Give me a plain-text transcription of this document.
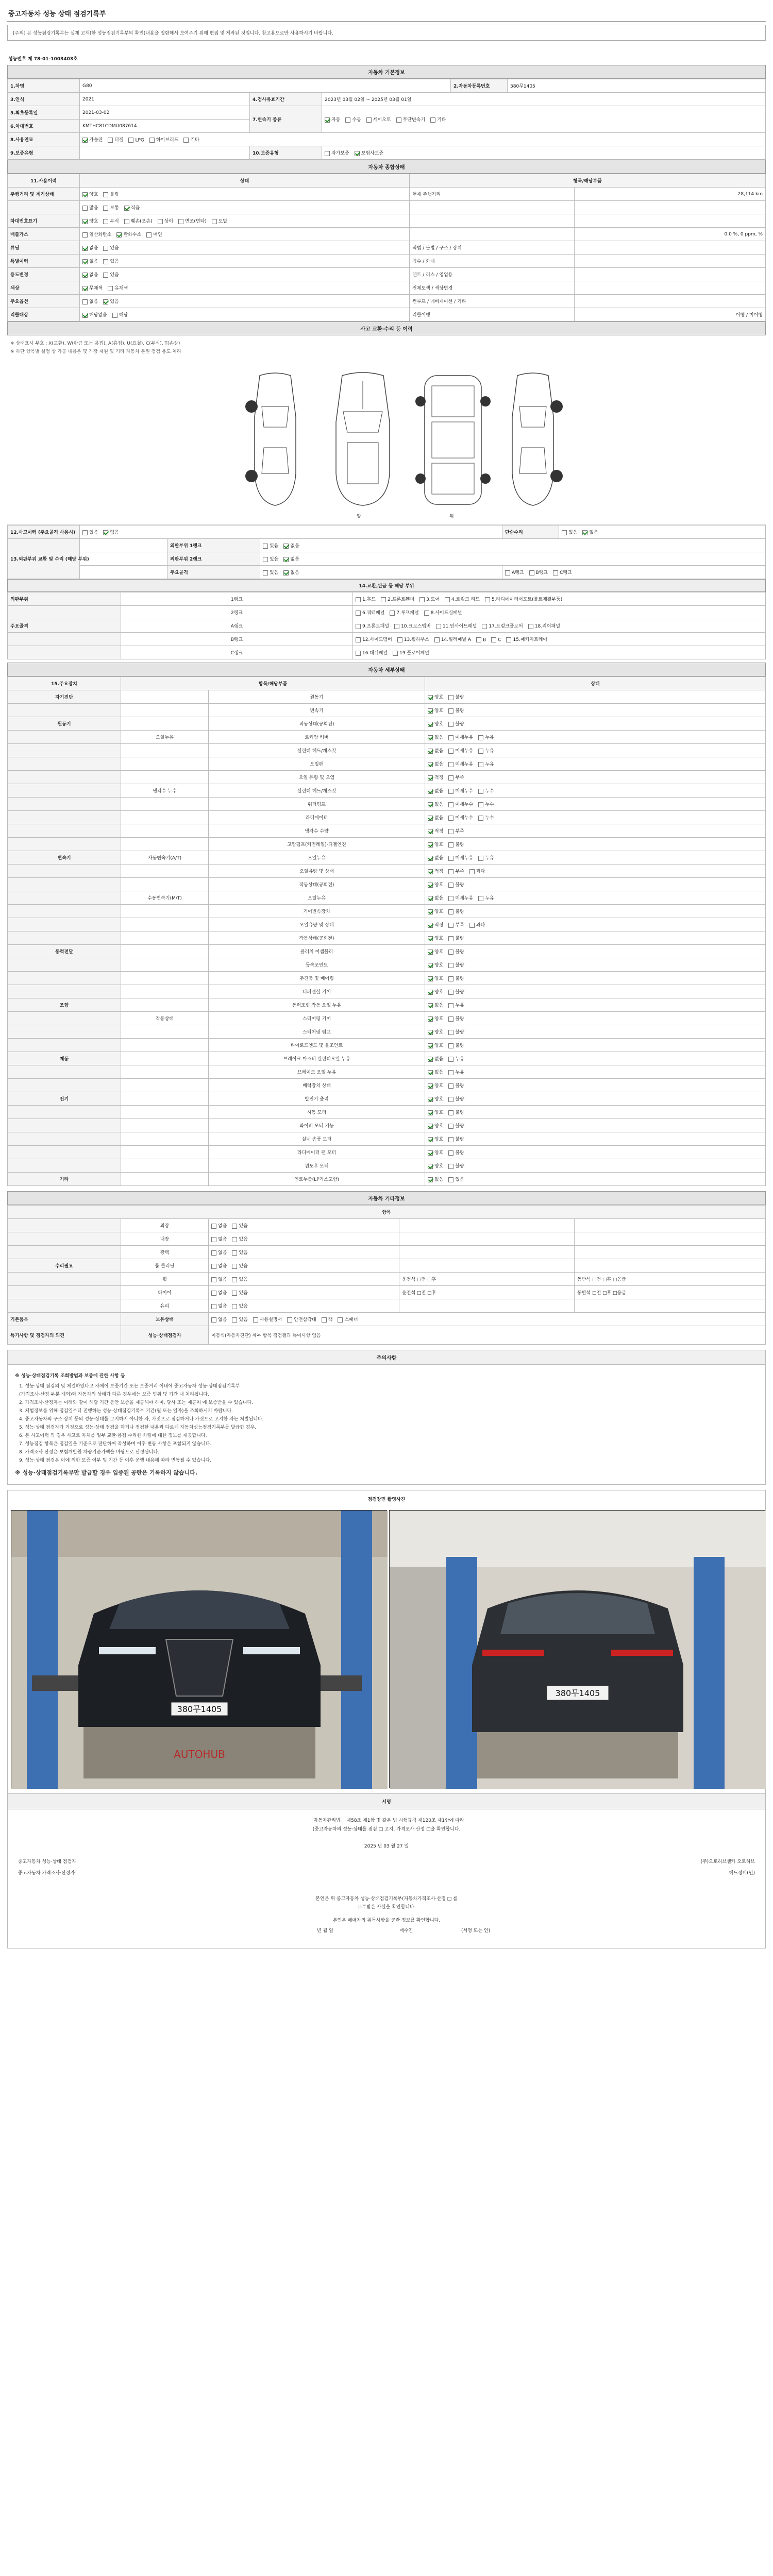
중고자동차 성능 상태 점검기록부
[주의] 본 성능점검기록부는 실제 고객(한 성능점검기록부의 확인)내용을 열람해서 보여주기 위해 편집 및 제작된 것입니다. 참고용으로만 사용하시기 바랍니다.
성능번호 제 78-01-1003403호
자동차 기본정보
1.차명	G80			2.자동차등록번호	380무1405
3.연식	2021	4.검사유효기간	2023년 03월 02일 ~ 2025년 03월 01일		
5.최초등록일	2021-03-02	7.변속기 종류	자동 수동 세미오토 무단변속기 기타		
6.차대번호	KMTHC81CDMU087614				
8.사용연료	가솔린 디젤 LPG 하이브리드 기타				
9.보증유형		10.보증유형	자가보증 보험사보증		
자동차 종합상태
11.사용이력	상태	항목/해당부품	
주행거리 및 계기상태	양호 불량	현재 주행거리	28,114 km
	많음 보통 적음		
차대번호표기	양호 부식 훼손(오손) 상이 변조(변타) 도말		
배출가스	일산화탄소 탄화수소 매연		0.0 %, 0 ppm, %
튜닝	없음 있음	적법 / 불법 / 구조 / 장치	
특별이력	없음 있음	침수 / 화재	
용도변경	없음 있음	렌트 / 리스 / 영업용	
색상	무채색 유채색	전체도색 / 색상변경	
주요옵션	없음 있음	썬루프 / 네비게이션 / 기타	
리콜대상	해당없음 해당	리콜이행	이행 / 미이행
사고 교환·수리 등 이력
※ 상태표시 부호 : X(교환), W(판금 또는 용접), A(흠집), U(요철), C(부식), T(손상)
※ 하단 항목별 설명 상 가공 내용은 및 가장 제원 및 기타 자동차 분원 점검 용도 처리
앞	뒤
12.사고이력 (주요골격 사용시)	있음 없음			단순수리	있음 없음
13.외판부위 교환 및 수리 (해당 부위)		외판부위 1랭크	있음 없음		
		외판부위 2랭크	있음 없음		
		주요골격	있음 없음	A랭크 B랭크 C랭크	
14.교환,판금 등 해당 부위
외판부위	1랭크	1.후드 2.프론트휀더 3.도어 4.트렁크 리드 5.라디에이터서포트(볼트체결부품)
	2랭크	6.쿼터패널 7.루프패널 8.사이드실패널
주요골격	A랭크	9.프론트패널 10.크로스멤버 11.인사이드패널 17.트렁크플로어 18.리어패널
	B랭크	12.사이드멤버 13.휠하우스 14.필러패널 A B C 15.패키지트레이
	C랭크	16.대쉬패널 19.플로어패널
자동차 세부상태
15.주요장치	항목/해당부품		상태
자기진단		원동기	양호 불량
		변속기	양호 불량
원동기		작동상태(공회전)	양호 불량
	오일누유	로커암 커버	없음 미세누유 누유
		실린더 헤드/개스킷	없음 미세누유 누유
		오일팬	없음 미세누유 누유
		오일 유량 및 오염	적정 부족
	냉각수 누수	실린더 헤드/개스킷	없음 미세누수 누수
		워터펌프	없음 미세누수 누수
		라디에이터	없음 미세누수 누수
		냉각수 수량	적정 부족
		고압펌프(커먼레일)-디젤엔진	양호 불량
변속기	자동변속기(A/T)	오일누유	없음 미세누유 누유
		오일유량 및 상태	적정 부족 과다
		작동상태(공회전)	양호 불량
	수동변속기(M/T)	오일누유	없음 미세누유 누유
		기어변속장치	양호 불량
		오일유량 및 상태	적정 부족 과다
		작동상태(공회전)	양호 불량
동력전달		클러치 어셈블리	양호 불량
		등속조인트	양호 불량
		추진축 및 베어링	양호 불량
		디퍼렌셜 기어	양호 불량
조향		동력조향 작동 오일 누유	없음 누유
	작동상태	스티어링 기어	양호 불량
		스티어링 펌프	양호 불량
		타이로드엔드 및 볼조인트	양호 불량
제동		브레이크 마스터 실린더오일 누유	없음 누유
		브레이크 오일 누유	없음 누유
		배력장치 상태	양호 불량
전기		발전기 출력	양호 불량
		시동 모터	양호 불량
		와이퍼 모터 기능	양호 불량
		실내 송풍 모터	양호 불량
		라디에이터 팬 모터	양호 불량
		윈도우 모터	양호 불량
기타		연료누출(LP가스포함)	없음 있음
자동차 기타정보
항목				
	외장	없음 있음		
	내장	없음 있음		
	광택	없음 있음		
수리필요	룸 클리닝	없음 있음		
	휠	없음 있음	운전석 □전 □후	동반석 □전 □후 □응급
	타이어	없음 있음	운전석 □전 □후	동반석 □전 □후 □응급
	유리	없음 있음		
기본품목	보유상태	없음 있음 사용설명서 안전삼각대 잭 스패너		
특기사항 및 점검자의 의견	성능·상태점검자	이동식(자동차진단) 세부 항목 점검결과 특이사항 없음		
주의사항
※ 성능·상태점검기록 조회방법과 보증에 관한 사항 등

1. 성능·상태 점검의 및 체결하였다고 자체이 보증기간 또는 보증거리 이내에 중고자동차 성능·상태점검기록부

(가격조사·산정 부분 제외)와 자동차의 상태가 다른 경우에는 보증 범위 및 기간 내 처리됩니다.

2. 가격조사·산정자는 이래와 같이 해당 기간 동안 보증을 제공해야 하며, 당사 또는 제공처 에 보증받을 수 있습니다.

3. 체험정보를 위해 점검일부터 진행하는 성능·상태점검기록부 기간(월 또는 일자)을 조회하시기 바랍니다.

4. 중고자동차의 구조·장치 등의 성능·상태를 고지하지 아니한 자, 가짓으로 점검하거나 가짓으로 고지한 자는 처벌됩니다.

5. 성능·상태 점검자가 거짓으로 성능·상태 점검을 하거나 점검한 내용과 다르게 자동차성능점검기록부를 발급한 경우.

6. 본 사고이력 의 경우 사고로 차체를 일부 교환·용접 수리한 차량에 대한 정보를 제공합니다.

7. 성능점검 항목은 점검일을 기준으로 판단하여 작성하며 이후 변동 사항은 포함되지 않습니다.

8. 가격조사 산정은 보험개발원 차량기준가액을 바탕으로 산정됩니다.

9. 성능·상태 점검은 이에 의한 보증 여부 및 기간 등 이후 운행 내용에 따라 변동될 수 있습니다.

※ 성능·상태점검기록부만 발급할 경우 입증된 공란은 기록하지 않습니다.
점검장면 촬영사진
380무1405
AUTOHUB
380무1405
서명
「자동차관리법」 제58조 제1항 및 같은 법 시행규칙 제120조 제1항에 따라
(중고자동차의 성능·상태를 점검 □ 고지, 가격조사·산정 □을 확인합니다.
2025 년 03 월 27 일
중고자동차 성능·상태 점검자	(주)오토허브셀카 오토허브
중고자동차 가격조사·산정자	헤드정비(인)
본인은 위 중고자동차 성능·상태점검기록부(자동차가격조사·산정 □ 를
교부받은 사실을 확인합니다.
본인은 매매자의 취득사항을 공란 정보를 확인합니다.
년 월 일	매수인	(서명 또는 인)
